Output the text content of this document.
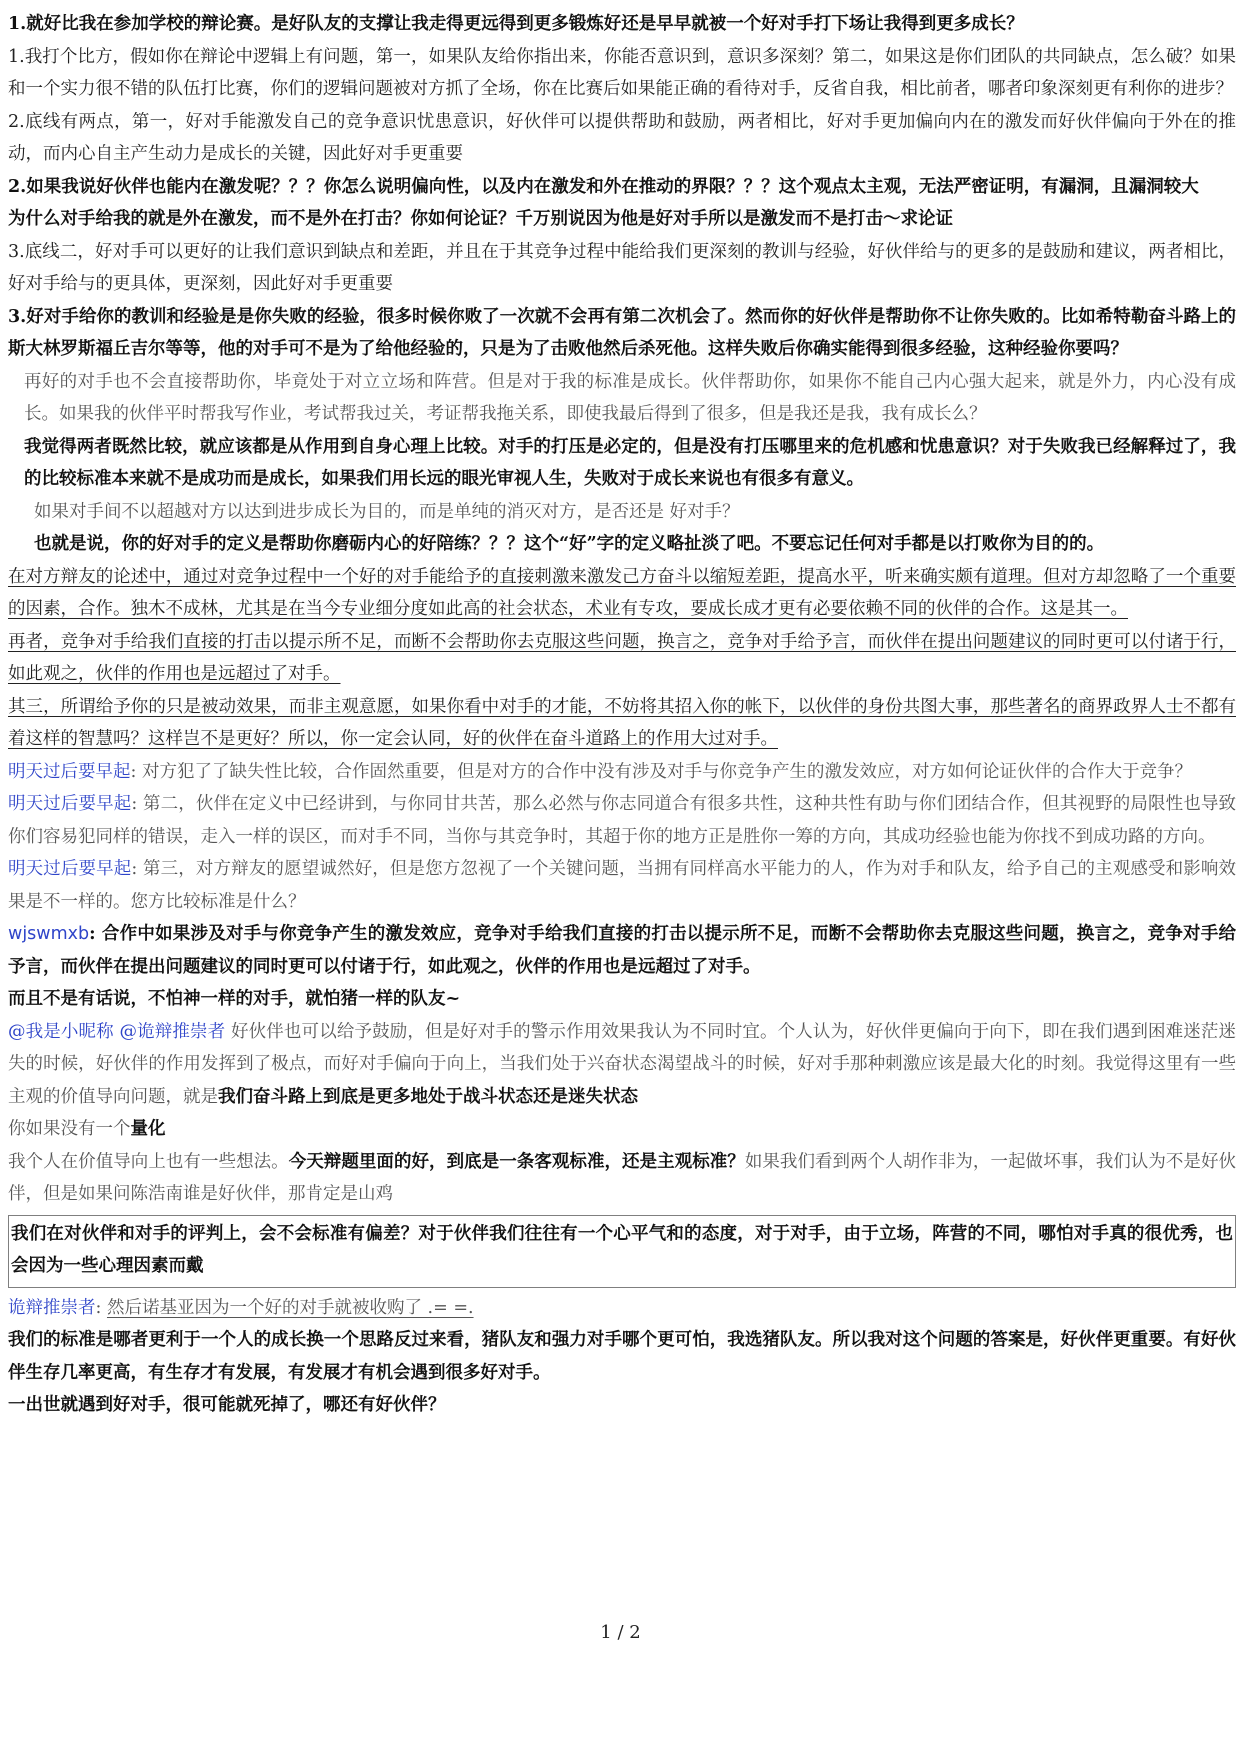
1.就好比我在参加学校的辩论赛。是好队友的支撑让我走得更远得到更多锻炼好还是早早就被一个好对手打下场让我得到更多成长？

1.我打个比方，假如你在辩论中逻辑上有问题，第一，如果队友给你指出来，你能否意识到，意识多深刻？第二，如果这是你们团队的共同缺点，怎么破？如果和一个实力很不错的队伍打比赛，你们的逻辑问题被对方抓了全场，你在比赛后如果能正确的看待对手，反省自我，相比前者，哪者印象深刻更有利你的进步？

2.底线有两点，第一，好对手能激发自己的竞争意识忧患意识，好伙伴可以提供帮助和鼓励，两者相比，好对手更加偏向内在的激发而好伙伴偏向于外在的推动，而内心自主产生动力是成长的关键，因此好对手更重要

2.如果我说好伙伴也能内在激发呢？？？你怎么说明偏向性，以及内在激发和外在推动的界限？？？这个观点太主观，无法严密证明，有漏洞，且漏洞较大

为什么对手给我的就是外在激发，而不是外在打击？你如何论证？千万别说因为他是好对手所以是激发而不是打击～求论证

3.底线二，好对手可以更好的让我们意识到缺点和差距，并且在于其竞争过程中能给我们更深刻的教训与经验，好伙伴给与的更多的是鼓励和建议，两者相比，好对手给与的更具体，更深刻，因此好对手更重要

3.好对手给你的教训和经验是是你失败的经验，很多时候你败了一次就不会再有第二次机会了。然而你的好伙伴是帮助你不让你失败的。比如希特勒奋斗路上的斯大林罗斯福丘吉尔等等，他的对手可不是为了给他经验的，只是为了击败他然后杀死他。这样失败后你确实能得到很多经验，这种经验你要吗？

再好的对手也不会直接帮助你，毕竟处于对立立场和阵营。但是对于我的标准是成长。伙伴帮助你，如果你不能自己内心强大起来，就是外力，内心没有成长。如果我的伙伴平时帮我写作业，考试帮我过关，考证帮我拖关系，即使我最后得到了很多，但是我还是我，我有成长么？

我觉得两者既然比较，就应该都是从作用到自身心理上比较。对手的打压是必定的，但是没有打压哪里来的危机感和忧患意识？对于失败我已经解释过了，我的比较标准本来就不是成功而是成长，如果我们用长远的眼光审视人生，失败对于成长来说也有很多有意义。

如果对手间不以超越对方以达到进步成长为目的，而是单纯的消灭对方，是否还是 好对手？

也就是说，你的好对手的定义是帮助你磨砺内心的好陪练？？？这个“好”字的定义略扯淡了吧。不要忘记任何对手都是以打败你为目的的。

在对方辩友的论述中，通过对竞争过程中一个好的对手能给予的直接刺激来激发己方奋斗以缩短差距，提高水平，听来确实颇有道理。但对方却忽略了一个重要的因素，合作。独木不成林，尤其是在当今专业细分度如此高的社会状态，术业有专攻，要成长成才更有必要依赖不同的伙伴的合作。这是其一。

再者，竞争对手给我们直接的打击以提示所不足，而断不会帮助你去克服这些问题，换言之，竞争对手给予言，而伙伴在提出问题建议的同时更可以付诸于行，如此观之，伙伴的作用也是远超过了对手。

其三，所谓给予你的只是被动效果，而非主观意愿，如果你看中对手的才能，不妨将其招入你的帐下，以伙伴的身份共图大事，那些著名的商界政界人士不都有着这样的智慧吗？这样岂不是更好？所以，你一定会认同，好的伙伴在奋斗道路上的作用大过对手。

明天过后要早起: 对方犯了了缺失性比较，合作固然重要，但是对方的合作中没有涉及对手与你竞争产生的激发效应，对方如何论证伙伴的合作大于竞争？

明天过后要早起: 第二，伙伴在定义中已经讲到，与你同甘共苦，那么必然与你志同道合有很多共性，这种共性有助与你们团结合作，但其视野的局限性也导致你们容易犯同样的错误，走入一样的误区，而对手不同，当你与其竞争时，其超于你的地方正是胜你一筹的方向，其成功经验也能为你找不到成功路的方向。

明天过后要早起: 第三，对方辩友的愿望诚然好，但是您方忽视了一个关键问题，当拥有同样高水平能力的人，作为对手和队友，给予自己的主观感受和影响效果是不一样的。您方比较标准是什么？

wjswmxb: 合作中如果涉及对手与你竞争产生的激发效应，竞争对手给我们直接的打击以提示所不足，而断不会帮助你去克服这些问题，换言之，竞争对手给予言，而伙伴在提出问题建议的同时更可以付诸于行，如此观之，伙伴的作用也是远超过了对手。

而且不是有话说，不怕神一样的对手，就怕猪一样的队友~

@我是小昵称 @诡辩推崇者 好伙伴也可以给予鼓励，但是好对手的警示作用效果我认为不同时宜。个人认为，好伙伴更偏向于向下，即在我们遇到困难迷茫迷失的时候，好伙伴的作用发挥到了极点，而好对手偏向于向上，当我们处于兴奋状态渴望战斗的时候，好对手那种刺激应该是最大化的时刻。我觉得这里有一些主观的价值导向问题，就是我们奋斗路上到底是更多地处于战斗状态还是迷失状态

你如果没有一个量化

我个人在价值导向上也有一些想法。今天辩题里面的好，到底是一条客观标准，还是主观标准？如果我们看到两个人胡作非为，一起做坏事，我们认为不是好伙伴，但是如果问陈浩南谁是好伙伴，那肯定是山鸡

我们在对伙伴和对手的评判上，会不会标准有偏差？对于伙伴我们往往有一个心平气和的态度，对于对手，由于立场，阵营的不同，哪怕对手真的很优秀，也会因为一些心理因素而戴

诡辩推崇者: 然后诺基亚因为一个好的对手就被收购了 .= =.

我们的标准是哪者更利于一个人的成长换一个思路反过来看，猪队友和强力对手哪个更可怕，我选猪队友。所以我对这个问题的答案是，好伙伴更重要。有好伙伴生存几率更高，有生存才有发展，有发展才有机会遇到很多好对手。

一出世就遇到好对手，很可能就死掉了，哪还有好伙伴？

1 / 2
